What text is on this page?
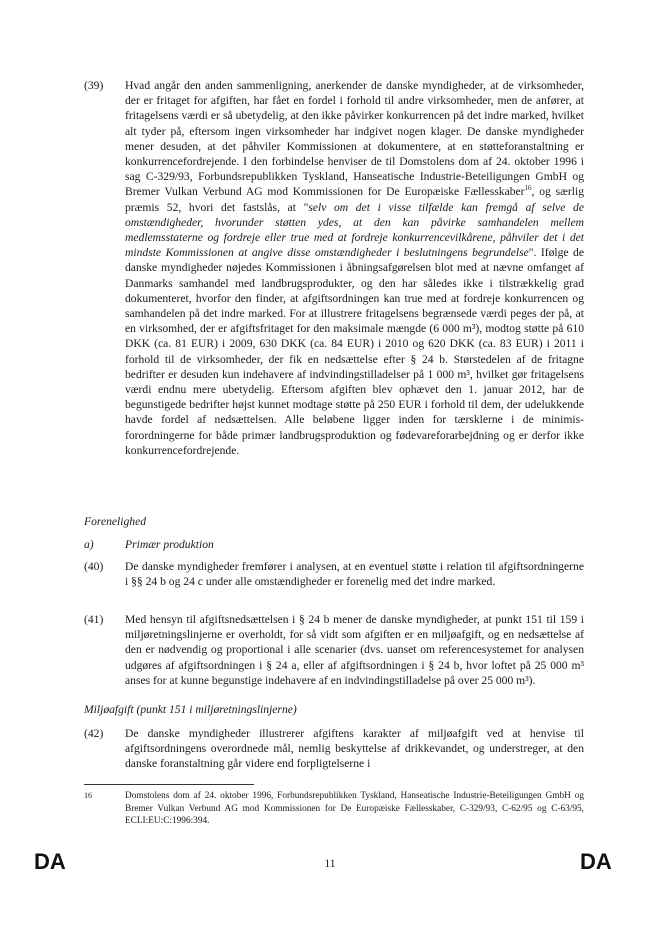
(39) Hvad angår den anden sammenligning, anerkender de danske myndigheder, at de virksomheder, der er fritaget for afgiften, har fået en fordel i forhold til andre virksomheder, men de anfører, at fritagelsens værdi er så ubetydelig, at den ikke påvirker konkurrencen på det indre marked, hvilket alt tyder på, eftersom ingen virksomheder har indgivet nogen klager. De danske myndigheder mener desuden, at det påhviler Kommissionen at dokumentere, at en støtteforanstaltning er konkurrencefordrejende. I den forbindelse henviser de til Domstolens dom af 24. oktober 1996 i sag C-329/93, Forbundsrepublikken Tyskland, Hanseatische Industrie-Beteiligungen GmbH og Bremer Vulkan Verbund AG mod Kommissionen for De Europæiske Fællesskaber$^{16}$, og særlig præmis 52, hvori det fastslås, at "selv om det i visse tilfælde kan fremgå af selve de omstændigheder, hvorunder støtten ydes, at den kan påvirke samhandelen mellem medlemsstaterne og fordreje eller true med at fordreje konkurrencevilkårene, påhviler det i det mindste Kommissionen at angive disse omstændigheder i beslutningens begrundelse". Ifølge de danske myndigheder nøjedes Kommissionen i åbningsafgørelsen blot med at nævne omfanget af Danmarks samhandel med landbrugsprodukter, og den har således ikke i tilstrækkelig grad dokumenteret, hvorfor den finder, at afgiftsordningen kan true med at fordreje konkurrencen og samhandelen på det indre marked. For at illustrere fritagelsens begrænsede værdi peges der på, at en virksomhed, der er afgiftsfritaget for den maksimale mængde (6 000 m³), modtog støtte på 610 DKK (ca. 81 EUR) i 2009, 630 DKK (ca. 84 EUR) i 2010 og 620 DKK (ca. 83 EUR) i 2011 i forhold til de virksomheder, der fik en nedsættelse efter § 24 b. Størstedelen af de fritagne bedrifter er desuden kun indehavere af indvindingstilladelser på 1 000 m³, hvilket gør fritagelsens værdi endnu mere ubetydelig. Eftersom afgiften blev ophævet den 1. januar 2012, har de begunstigede bedrifter højst kunnet modtage støtte på 250 EUR i forhold til dem, der udelukkende havde fordel af nedsættelsen. Alle beløbene ligger inden for tærsklerne i de minimis-forordningerne for både primær landbrugsproduktion og fødevareforarbejdning og er derfor ikke konkurrencefordrejende.
Forenelighed
a)	Primær produktion
(40) De danske myndigheder fremfører i analysen, at en eventuel støtte i relation til afgiftsordningerne i §§ 24 b og 24 c under alle omstændigheder er forenelig med det indre marked.
(41) Med hensyn til afgiftsnedsættelsen i § 24 b mener de danske myndigheder, at punkt 151 til 159 i miljøretningslinjerne er overholdt, for så vidt som afgiften er en miljøafgift, og en nedsættelse af den er nødvendig og proportional i alle scenarier (dvs. uanset om referencesystemet for analysen udgøres af afgiftsordningen i § 24 a, eller af afgiftsordningen i § 24 b, hvor loftet på 25 000 m³ anses for at kunne begunstige indehavere af en indvindingstilladelse på over 25 000 m³).
Miljøafgift (punkt 151 i miljøretningslinjerne)
(42) De danske myndigheder illustrerer afgiftens karakter af miljøafgift ved at henvise til afgiftsordningens overordnede mål, nemlig beskyttelse af drikkevandet, og understreger, at den danske foranstaltning går videre end forpligtelserne i
16	Domstolens dom af 24. oktober 1996, Forbundsrepublikken Tyskland, Hanseatische Industrie-Beteiligungen GmbH og Bremer Vulkan Verbund AG mod Kommissionen for De Europæiske Fællesskaber, C-329/93, C-62/95 og C-63/95, ECLI:EU:C:1996:394.
DA	11	DA
